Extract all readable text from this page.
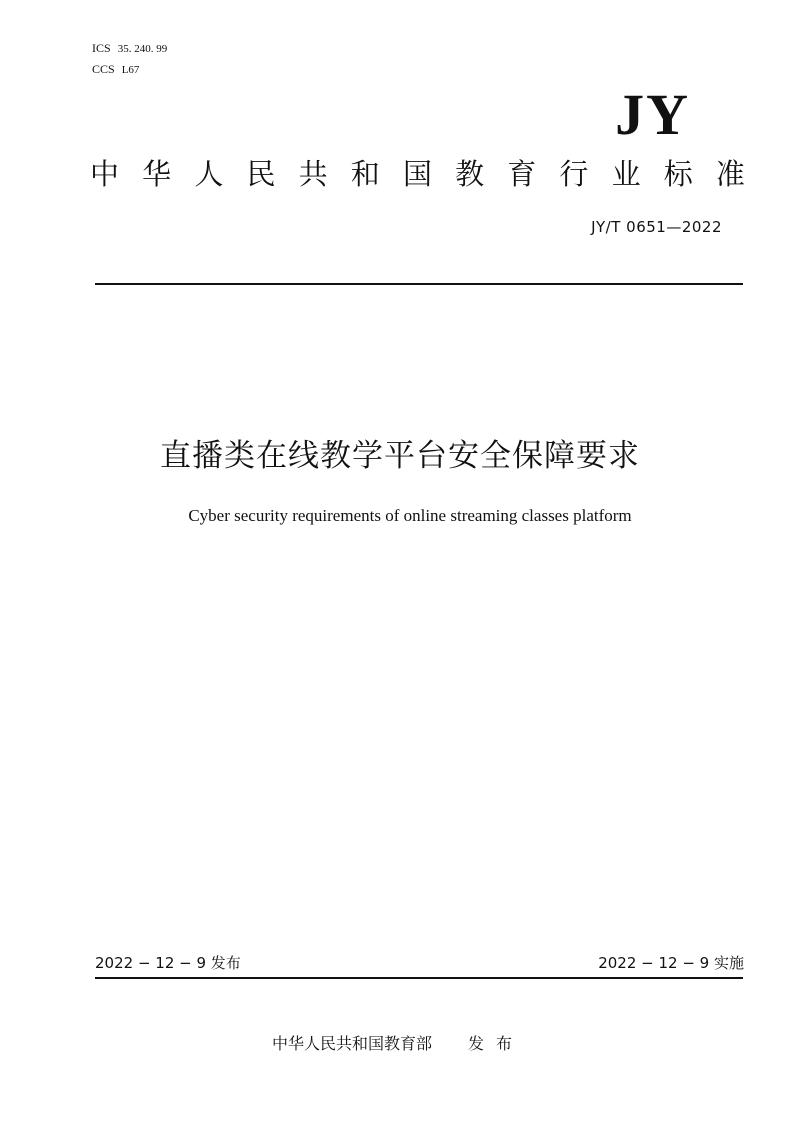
ICS 35. 240. 99
CCS L67
JY
中 华 人 民 共 和 国 教 育 行 业 标 准
JY/T 0651—2022
直播类在线教学平台安全保障要求
Cyber security requirements of online streaming classes platform
2022 − 12 − 9 发布	2022 − 12 − 9 实施
中华人民共和国教育部 发布
